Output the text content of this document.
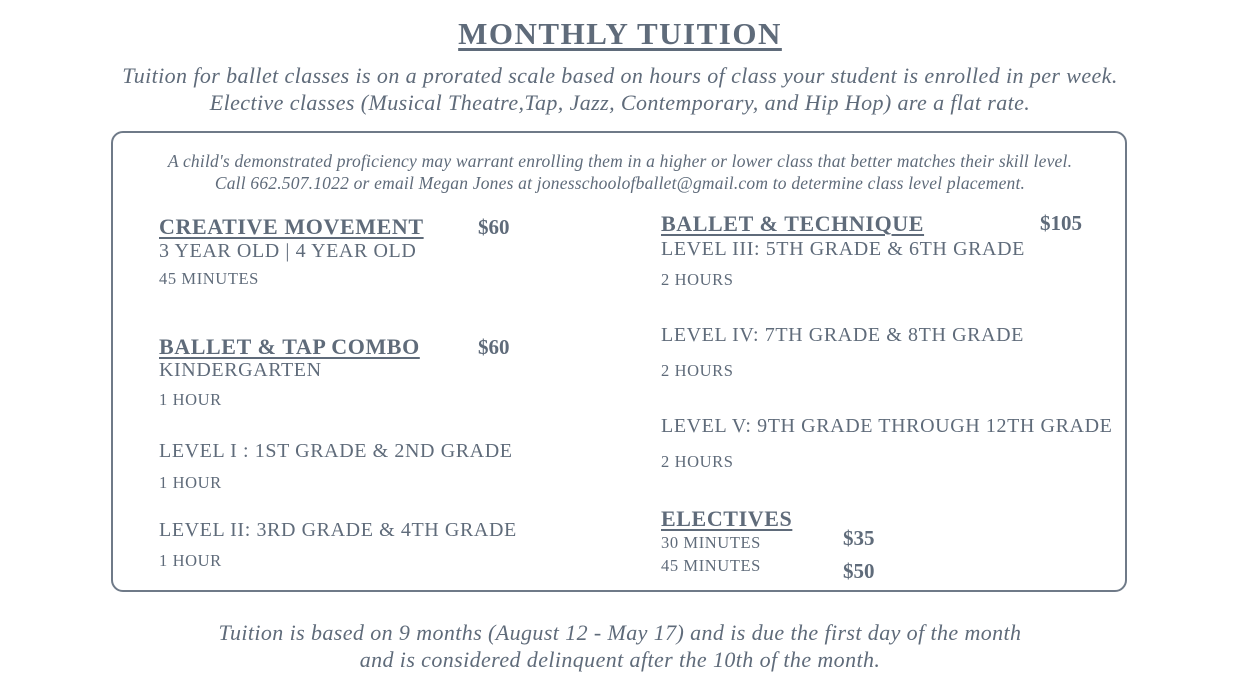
MONTHLY TUITION
Tuition for ballet classes is on a prorated scale based on hours of class your student is enrolled in per week.
Elective classes (Musical Theatre,Tap, Jazz, Contemporary, and Hip Hop) are a flat rate.
A child's demonstrated proficiency may warrant enrolling them in a higher or lower class that better matches their skill level.
Call 662.507.1022 or email Megan Jones at jonesschoolofballet@gmail.com to determine class level placement.
CREATIVE MOVEMENT	$60
3 YEAR OLD | 4 YEAR OLD
45 MINUTES
BALLET & TAP COMBO	$60
KINDERGARTEN
1 HOUR
LEVEL I : 1ST GRADE & 2ND GRADE
1 HOUR
LEVEL II: 3RD GRADE & 4TH GRADE
1 HOUR
BALLET & TECHNIQUE	$105
LEVEL III: 5TH GRADE & 6TH GRADE
2 HOURS
LEVEL IV: 7TH GRADE & 8TH GRADE
2 HOURS
LEVEL V: 9TH GRADE THROUGH 12TH GRADE
2 HOURS
ELECTIVES
30 MINUTES	$35
45 MINUTES	$50
Tuition is based on 9 months (August 12 - May 17) and is due the first day of the month
and is considered delinquent after the 10th of the month.
